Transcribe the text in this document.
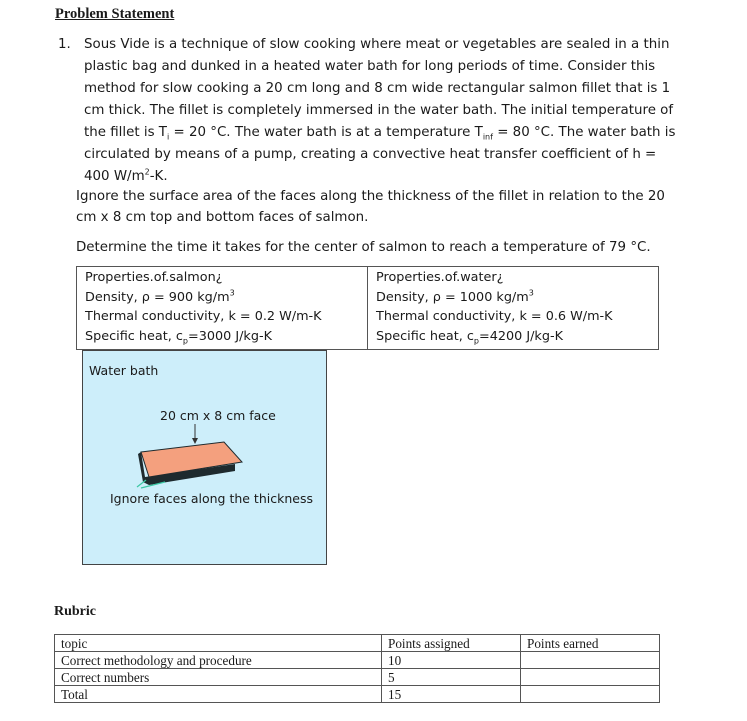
Problem Statement
1. Sous Vide is a technique of slow cooking where meat or vegetables are sealed in a thin
plastic bag and dunked in a heated water bath for long periods of time. Consider this
method for slow cooking a 20 cm long and 8 cm wide rectangular salmon fillet that is 1
cm thick. The fillet is completely immersed in the water bath. The initial temperature of
the fillet is $T_i = 20$ °C. The water bath is at a temperature $T_{inf} = 80$ °C. The water bath is
circulated by means of a pump, creating a convective heat transfer coefficient of h =
400 $W/m^2-K$.
Ignore the surface area of the faces along the thickness of the fillet in relation to the 20
cm x 8 cm top and bottom faces of salmon.
Determine the time it takes for the center of salmon to reach a temperature of 79 °C.
Properties.of.salmon¿
Density, ρ = 900 $kg/m^3$
Thermal conductivity, k = 0.2 W/m-K
Specific heat, $c_p=3000$ J/kg-K
Properties.of.water¿
Density, ρ = 1000 $kg/m^3$
Thermal conductivity, k = 0.6 W/m-K
Specific heat, $c_p=4200$ J/kg-K
Water bath
20 cm x 8 cm face
Ignore faces along the thickness
Rubric
topic	Points assigned	Points earned
Correct methodology and procedure	10	
Correct numbers	5	
Total	15	
